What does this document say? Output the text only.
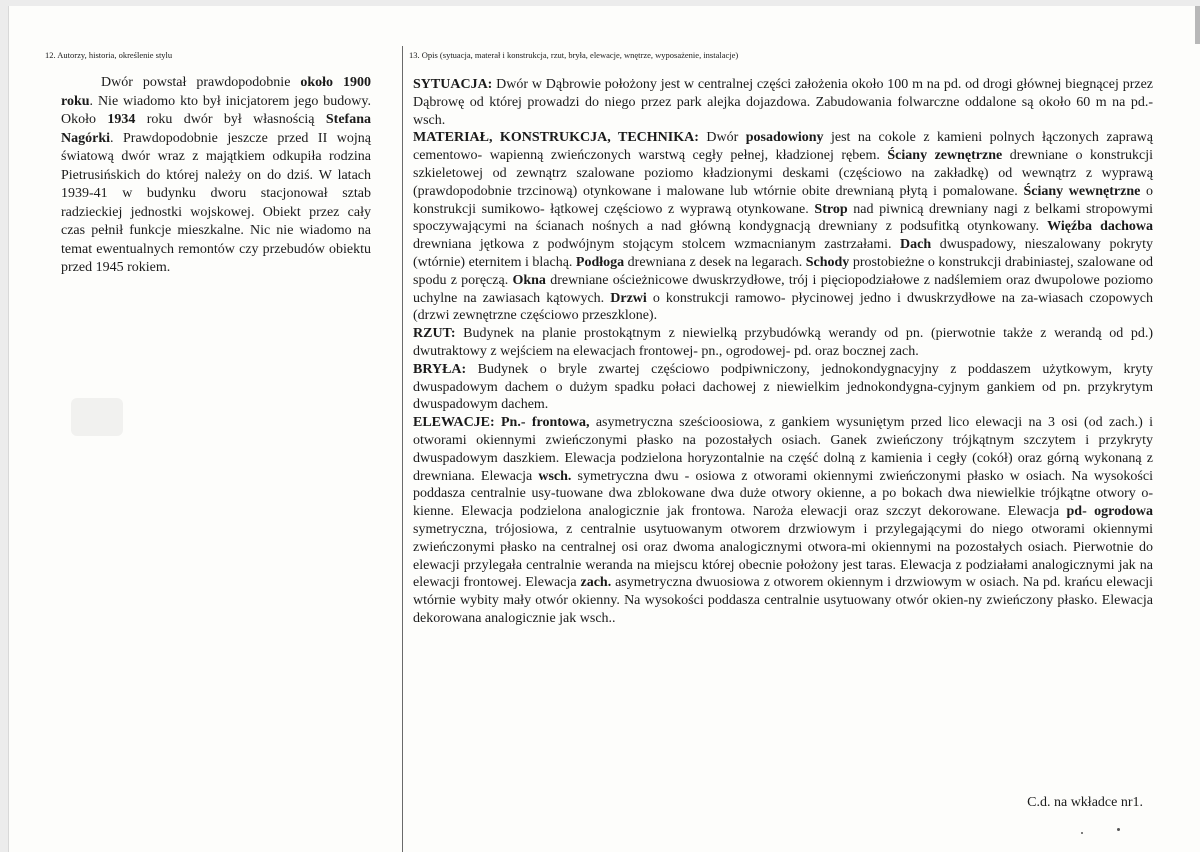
12. Autorzy, historia, określenie stylu

Dwór powstał prawdopodobnie około 1900 roku. Nie wiadomo kto był inicjatorem jego budowy. Około 1934 roku dwór był własnością Stefana Nagórki. Prawdopodobnie jeszcze przed II wojną światową dwór wraz z majątkiem odkupiła rodzina Pietrusińskich do której należy on do dziś. W latach 1939-41 w budynku dworu stacjonował sztab radzieckiej jednostki wojskowej. Obiekt przez cały czas pełnił funkcje mieszkalne. Nic nie wiadomo na temat ewentualnych remontów czy przebudów obiektu przed 1945 rokiem.

13. Opis (sytuacja, materał i konstrukcja, rzut, bryła, elewacje, wnętrze, wyposażenie, instalacje)

SYTUACJA: Dwór w Dąbrowie położony jest w centralnej części założenia około 100 m na pd. od drogi głównej biegnącej przez Dąbrowę od której prowadzi do niego przez park alejka dojazdowa. Zabudowania folwarczne oddalone są około 60 m na pd.- wsch.
MATERIAŁ, KONSTRUKCJA, TECHNIKA: Dwór posadowiony jest na cokole z kamieni polnych łączonych zaprawą cementowo- wapienną zwieńczonych warstwą cegły pełnej, kładzionej rębem. Ściany zewnętrzne drewniane o konstrukcji szkieletowej od zewnątrz szalowane poziomo kładzionymi deskami (częściowo na zakładkę) od wewnątrz z wyprawą (prawdopodobnie trzcinową) otynkowane i malowane lub wtórnie obite drewnianą płytą i pomalowane. Ściany wewnętrzne o konstrukcji sumikowo- łątkowej częściowo z wyprawą otynkowane. Strop nad piwnicą drewniany nagi z belkami stropowymi spoczywającymi na ścianach nośnych a nad główną kondygnacją drewniany z podsufitką otynkowany. Więźba dachowa drewniana jętkowa z podwójnym stojącym stolcem wzmacnianym zastrzałami. Dach dwuspadowy, nieszalowany pokryty (wtórnie) eternitem i blachą. Podłoga drewniana z desek na legarach. Schody prostobieżne o konstrukcji drabiniastej, szalowane od spodu z poręczą. Okna drewniane ościeżnicowe dwuskrzydłowe, trój i pięciopodziałowe z nadślemiem oraz dwupolowe poziomo uchylne na zawiasach kątowych. Drzwi o konstrukcji ramowo- płycinowej jedno i dwuskrzydłowe na za-wiasach czopowych (drzwi zewnętrzne częściowo przeszklone).
RZUT: Budynek na planie prostokątnym z niewielką przybudówką werandy od pn. (pierwotnie także z werandą od pd.) dwutraktowy z wejściem na elewacjach frontowej- pn., ogrodowej- pd. oraz bocznej zach.
BRYŁA: Budynek o bryle zwartej częściowo podpiwniczony, jednokondygnacyjny z poddaszem użytkowym, kryty dwuspadowym dachem o dużym spadku połaci dachowej z niewielkim jednokondygna-cyjnym gankiem od pn. przykrytym dwuspadowym dachem.
ELEWACJE: Pn.- frontowa, asymetryczna sześcioosiowa, z gankiem wysuniętym przed lico elewacji na 3 osi (od zach.) i otworami okiennymi zwieńczonymi płasko na pozostałych osiach. Ganek zwieńczony trójkątnym szczytem i przykryty dwuspadowym daszkiem. Elewacja podzielona horyzontalnie na część dolną z kamienia i cegły (cokół) oraz górną wykonaną z drewniana. Elewacja wsch. symetryczna dwu - osiowa z otworami okiennymi zwieńczonymi płasko w osiach. Na wysokości poddasza centralnie usy-tuowane dwa zblokowane dwa duże otwory okienne, a po bokach dwa niewielkie trójkątne otwory o-kienne. Elewacja podzielona analogicznie jak frontowa. Naroża elewacji oraz szczyt dekorowane. Elewacja pd- ogrodowa symetryczna, trójosiowa, z centralnie usytuowanym otworem drzwiowym i przylegającymi do niego otworami okiennymi zwieńczonymi płasko na centralnej osi oraz dwoma analogicznymi otwora-mi okiennymi na pozostałych osiach. Pierwotnie do elewacji przylegała centralnie weranda na miejscu której obecnie położony jest taras. Elewacja z podziałami analogicznymi jak na elewacji frontowej. Elewacja zach. asymetryczna dwuosiowa z otworem okiennym i drzwiowym w osiach. Na pd. krańcu elewacji wtórnie wybity mały otwór okienny. Na wysokości poddasza centralnie usytuowany otwór okien-ny zwieńczony płasko. Elewacja dekorowana analogicznie jak wsch..

C.d. na wkładce nr1.
